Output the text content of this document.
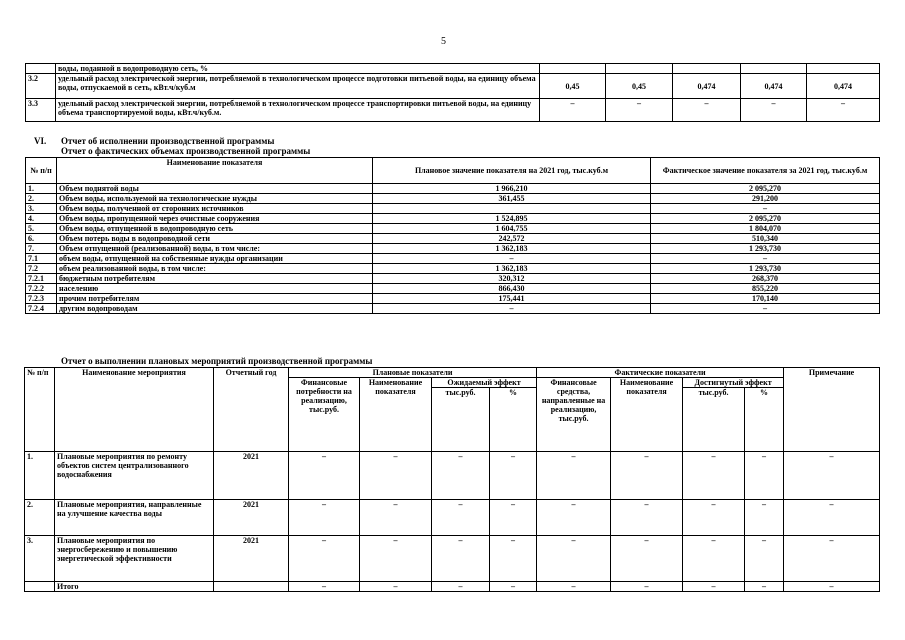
5
	воды, поданной в водопроводную сеть, %					
3.2	удельный расход электрической энергии, потребляемой в технологическом процессе подготовки питьевой воды, на единицу объема воды, отпускаемой в сеть, кВт.ч/куб.м	0,45	0,45	0,474	0,474	0,474
3.3	удельный расход электрической энергии, потребляемой в технологическом процессе транспортировки питьевой воды, на единицу объема транспортируемой воды, кВт.ч/куб.м.	–	–	–	–	–
VI. Отчет об исполнении производственной программы
Отчет о фактических объемах производственной программы
№ п/п	Наименование показателя	Плановое значение показателя на 2021 год, тыс.куб.м	Фактическое значение показателя за 2021 год, тыс.куб.м
1.	Объем поднятой воды	1 966,210	2 095,270
2.	Объем воды, используемой на технологические нужды	361,455	291,200
3.	Объем воды, полученной от сторонних источников		–
4.	Объем воды, пропущенной через очистные сооружения	1 524,895	2 095,270
5.	Объем воды, отпущенной в водопроводную сеть	1 604,755	1 804,070
6.	Объем потерь воды в водопроводной сети	242,572	510,340
7.	Объем отпущенной (реализованной) воды, в том числе:	1 362,183	1 293,730
7.1	объем воды, отпущенной на собственные нужды организации	–	–
7.2	объем реализованной воды, в том числе:	1 362,183	1 293,730
7.2.1	бюджетным потребителям	320,312	268,370
7.2.2	населению	866,430	855,220
7.2.3	прочим потребителям	175,441	170,140
7.2.4	другим водопроводам	–	–
Отчет о выполнении плановых мероприятий производственной программы
№ п/п	Наименование мероприятия	Отчетный год	Плановые показатели				Фактические показатели				Примечание
			Финансовые потребности на реализацию, тыс.руб.	Наименование показателя	Ожидаемый эффект		Финансовые средства, направленные на реализацию, тыс.руб.	Наименование показателя	Достигнутый эффект		
					тыс.руб.	%			тыс.руб.	%	
1.	Плановые мероприятия по ремонту объектов систем централизованного водоснабжения	2021	–	–	–	–	–	–	–	–	–
2.	Плановые мероприятия, направленные на улучшение качества воды	2021	–	–	–	–	–	–	–	–	–
3.	Плановые мероприятия по энергосбережению и повышению энергетической эффективности	2021	–	–	–	–	–	–	–	–	–
	Итого		–	–	–	–	–	–	–	–	–
